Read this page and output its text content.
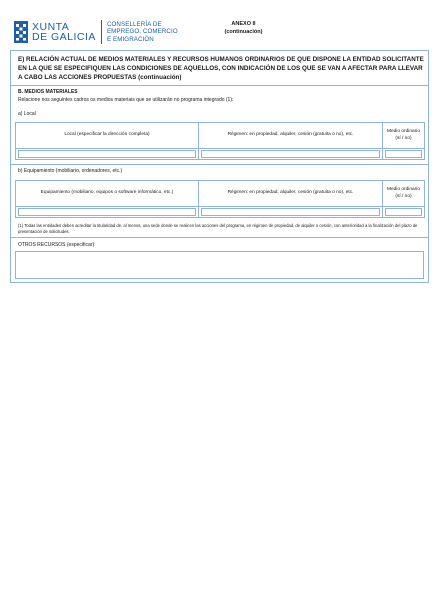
XUNTA
DE GALICIA
CONSELLERÍA DE
EMPREGO, COMERCIO
E EMIGRACIÓN
ANEXO II
(continuación)
E) RELACIÓN ACTUAL DE MEDIOS MATERIALES Y RECURSOS HUMANOS ORDINARIOS DE QUE DISPONE LA ENTIDAD SOLICITANTE EN LA QUE SE ESPECIFIQUEN LAS CONDICIONES DE AQUELLOS, CON INDICACIÓN DE LOS QUE SE VAN A AFECTAR PARA LLEVAR A CABO LAS ACCIONES PROPUESTAS (continuación)
B. MEDIOS MATERIALES
Relacione nos seguintes cadros os medios materiais que se utilizarán no programa integrado (1):
a) Local
Local (especificar la dirección completa)	Régimen: en propiedad, alquiler, cesión (gratuita o no), etc.	Medio ordinario (sí / no)

b) Equipamiento (mobiliario, ordenadores, etc.)
Equipamiento (mobiliario, equipos o software informático, etc.)	Régimen: en propiedad, alquiler, cesión (gratuita o no), etc.	Medio ordinario (sí / no)

(1) Todas las entidades deben acreditar la titularidad de, al menos, una sede donde se realicen las acciones del programa, en régimen de propiedad, de alquiler o cesión, con anterioridad a la finalización del plazo de presentación de solicitudes.
OTROS RECURSOS (especificar):
